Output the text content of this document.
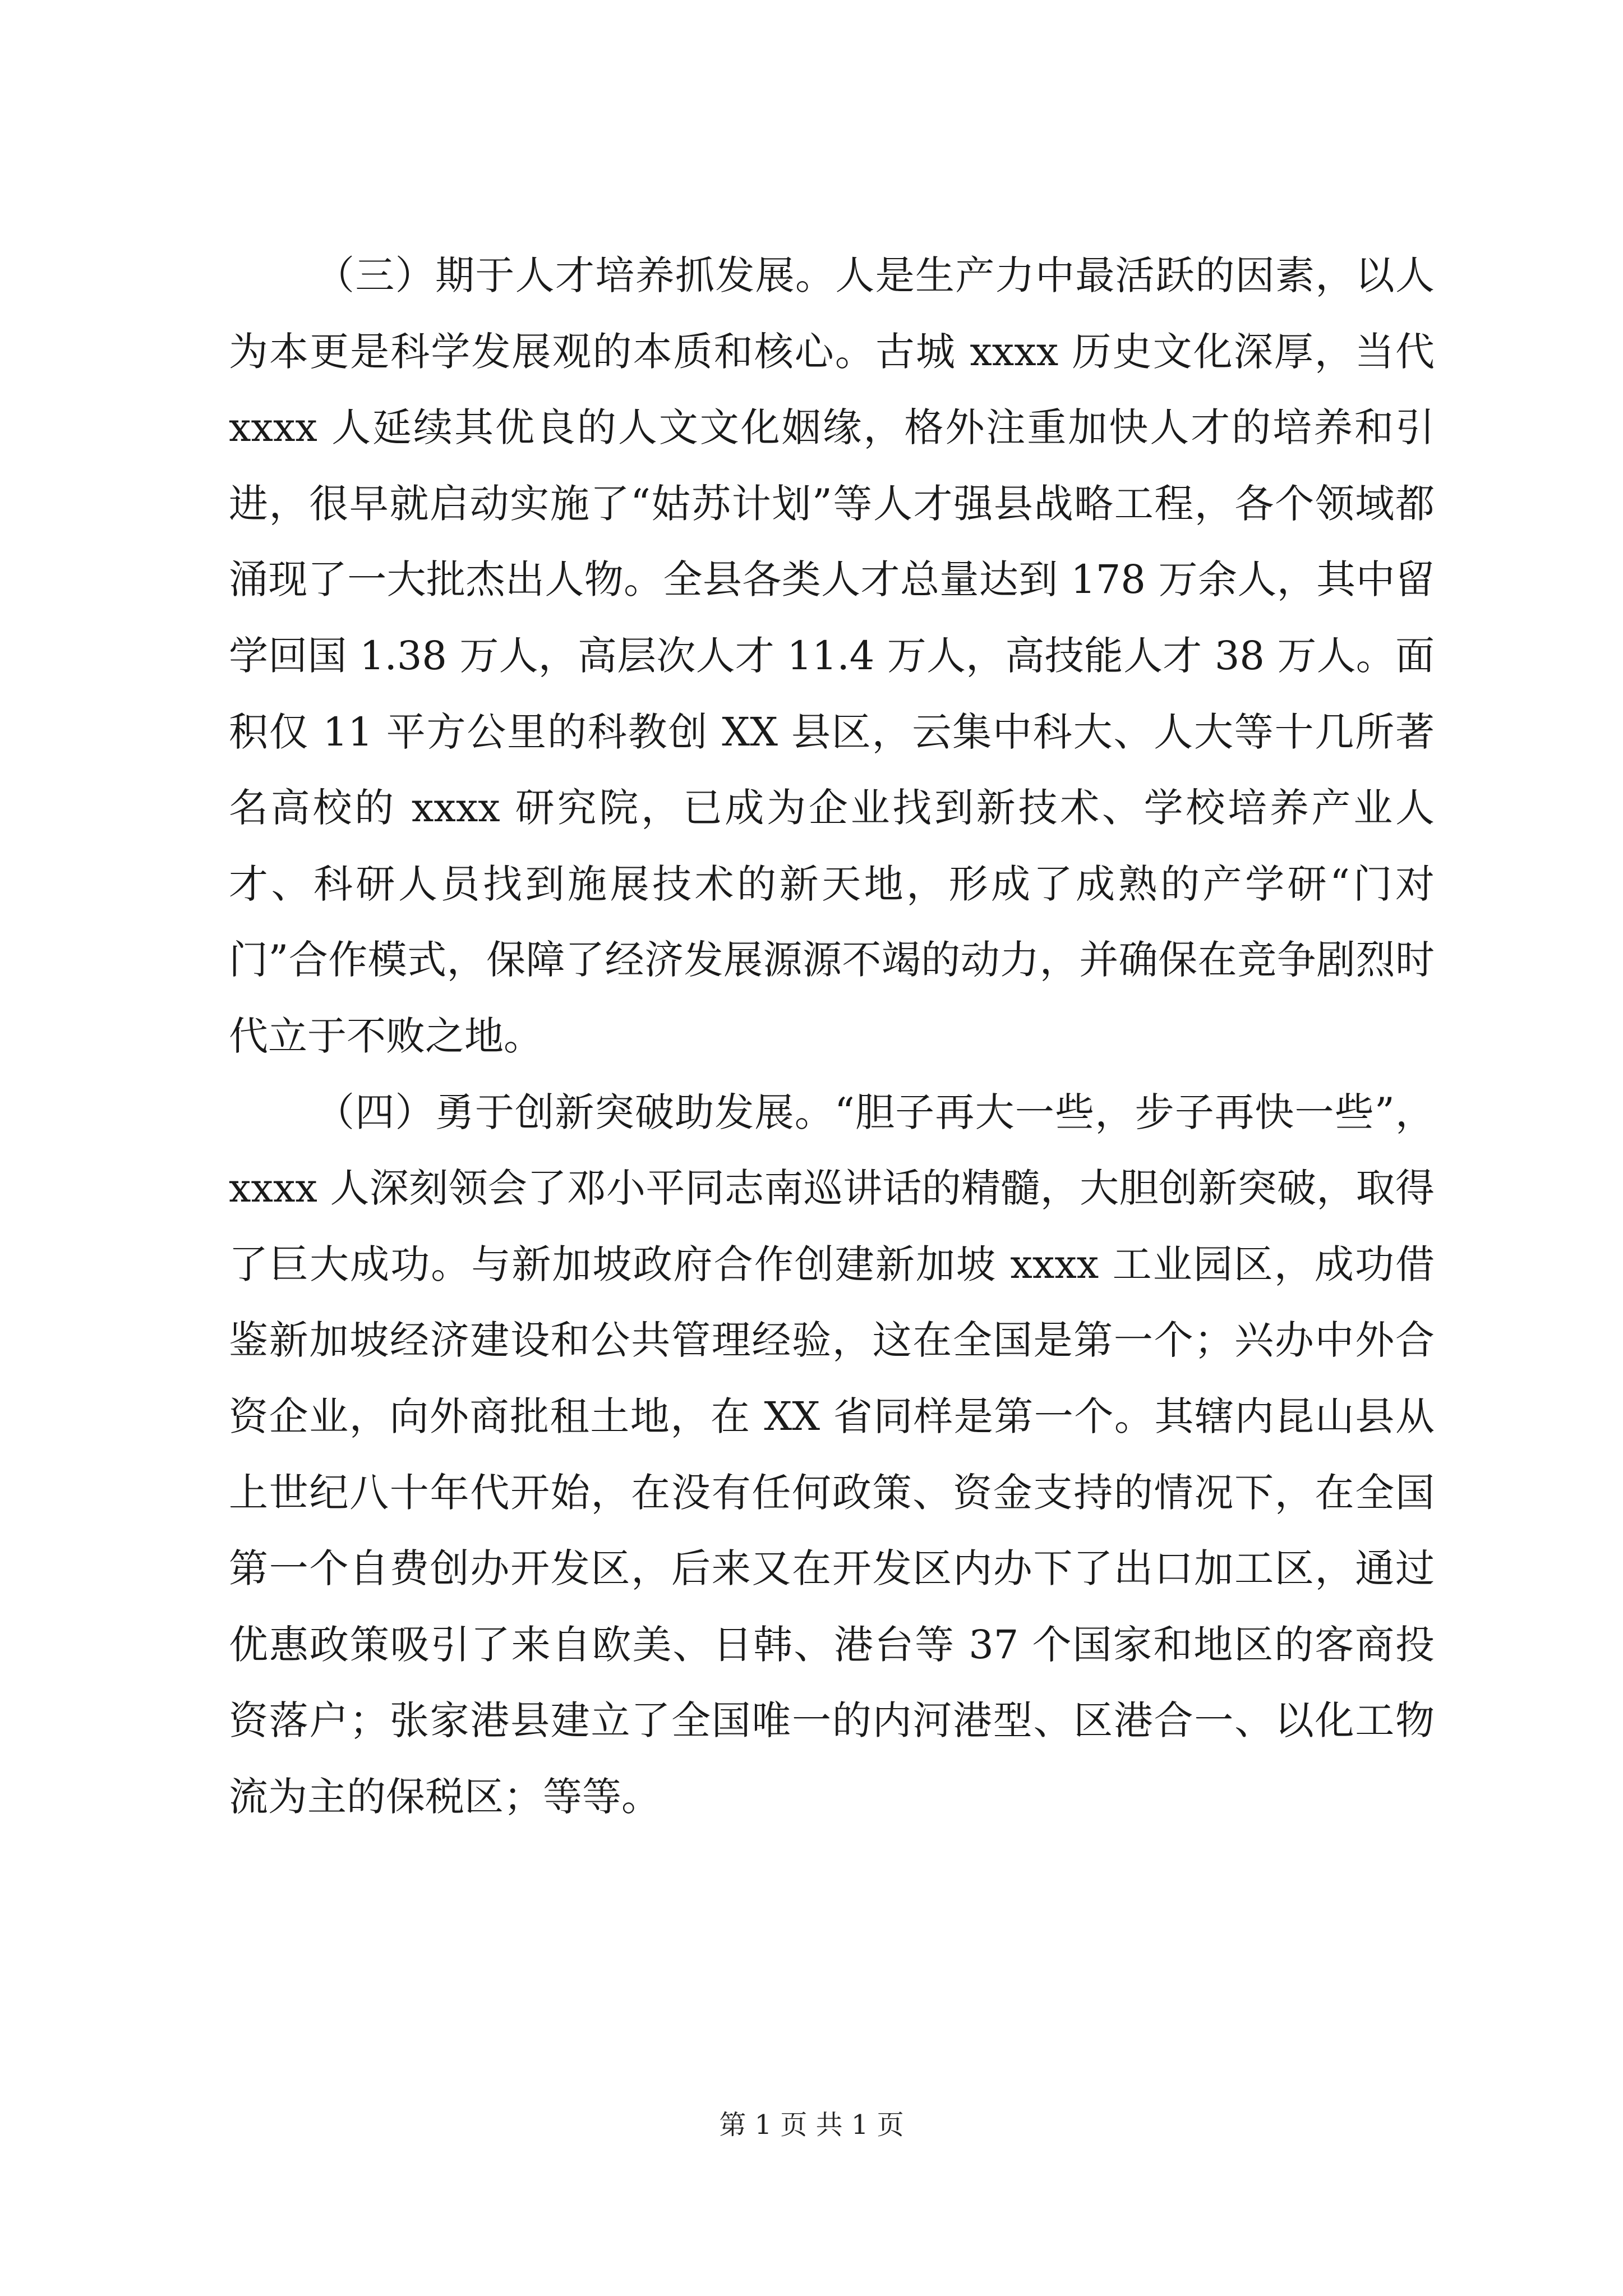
（三）期于人才培养抓发展。人是生产力中最活跃的因素，以人为本更是科学发展观的本质和核心。古城 xxxx 历史文化深厚，当代 xxxx 人延续其优良的人文文化姻缘，格外注重加快人才的培养和引进，很早就启动实施了“姑苏计划”等人才强县战略工程，各个领域都涌现了一大批杰出人物。全县各类人才总量达到 178 万余人，其中留学回国 1.38 万人，高层次人才 11.4 万人，高技能人才 38 万人。面积仅 11 平方公里的科教创 XX 县区，云集中科大、人大等十几所著名高校的 xxxx 研究院，已成为企业找到新技术、学校培养产业人才、科研人员找到施展技术的新天地，形成了成熟的产学研“门对门”合作模式，保障了经济发展源源不竭的动力，并确保在竞争剧烈时代立于不败之地。

（四）勇于创新突破助发展。“胆子再大一些，步子再快一些”，xxxx 人深刻领会了邓小平同志南巡讲话的精髓，大胆创新突破，取得了巨大成功。与新加坡政府合作创建新加坡 xxxx 工业园区，成功借鉴新加坡经济建设和公共管理经验，这在全国是第一个；兴办中外合资企业，向外商批租土地，在 XX 省同样是第一个。其辖内昆山县从上世纪八十年代开始，在没有任何政策、资金支持的情况下，在全国第一个自费创办开发区，后来又在开发区内办下了出口加工区，通过优惠政策吸引了来自欧美、日韩、港台等 37 个国家和地区的客商投资落户；张家港县建立了全国唯一的内河港型、区港合一、以化工物流为主的保税区；等等。

第 1 页 共 1 页
